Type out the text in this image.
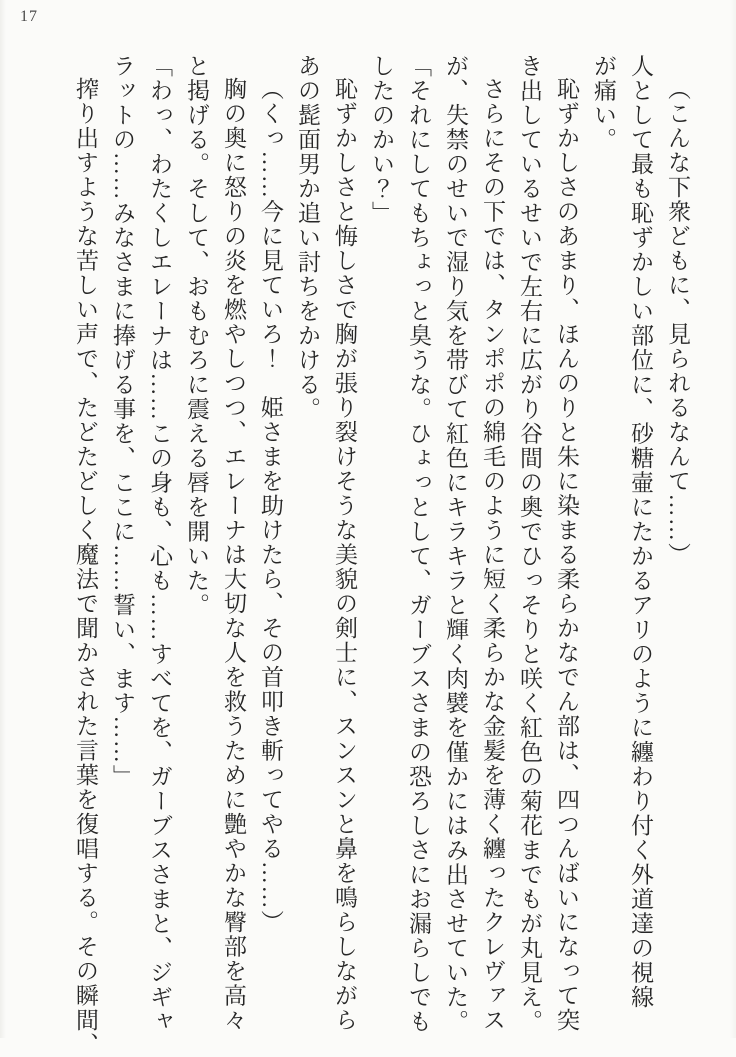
17
（こんな下衆どもに、見られるなんて……）
人として最も恥ずかしい部位に、砂糖壷にたかるアリのように纏わり付く外道達の視線
が痛い。
恥ずかしさのあまり、ほんのりと朱に染まる柔らかなでん部は、四つんばいになって突
き出しているせいで左右に広がり谷間の奥でひっそりと咲く紅色の菊花までもが丸見え。
さらにその下では、タンポポの綿毛のように短く柔らかな金髪を薄く纏ったクレヴァス
が、失禁のせいで湿り気を帯びて紅色にキラキラと輝く肉襞を僅かにはみ出させていた。
「それにしてもちょっと臭うな。ひょっとして、ガーブスさまの恐ろしさにお漏らしでも
したのかい？」
恥ずかしさと悔しさで胸が張り裂けそうな美貌の剣士に、スンスンと鼻を鳴らしながら
あの髭面男か追い討ちをかける。
（くっ……今に見ていろ！　姫さまを助けたら、その首叩き斬ってやる……）
胸の奥に怒りの炎を燃やしつつ、エレーナは大切な人を救うために艶やかな臀部を高々
と掲げる。そして、おもむろに震える唇を開いた。
「わっ、わたくしエレーナは……この身も、心も……すべてを、ガーブスさまと、ジギャ
ラットの……みなさまに捧げる事を、ここに……誓い、ます……」
搾り出すような苦しい声で、たどたどしく魔法で聞かされた言葉を復唱する。その瞬間、
